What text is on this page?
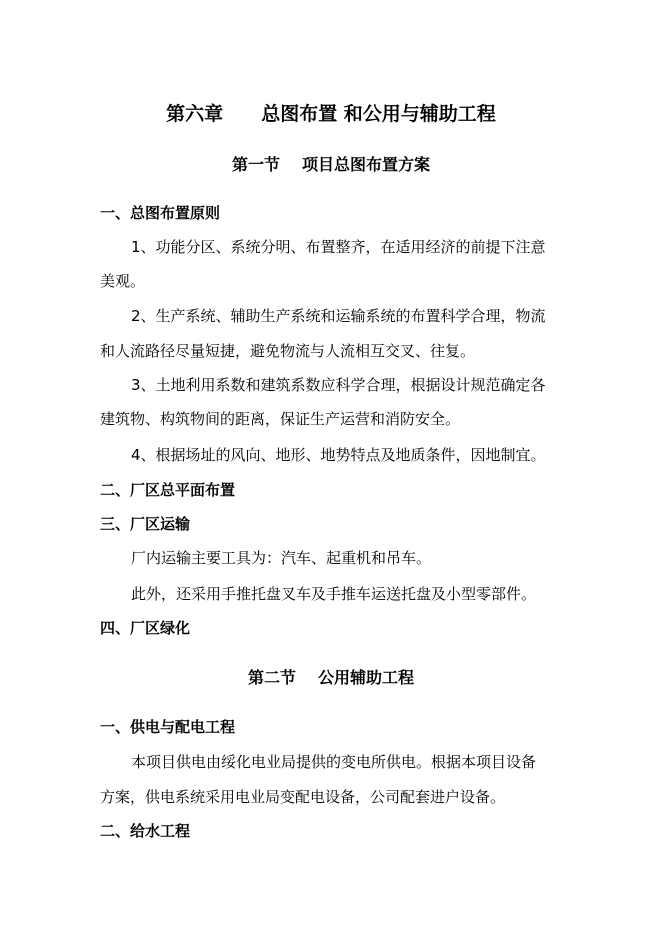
第六章 总图布置 和公用与辅助工程
第一节 项目总图布置方案
一、总图布置原则
1、功能分区、系统分明、布置整齐，在适用经济的前提下注意
美观。
2、生产系统、辅助生产系统和运输系统的布置科学合理，物流
和人流路径尽量短捷，避免物流与人流相互交叉、往复。
3、土地利用系数和建筑系数应科学合理，根据设计规范确定各
建筑物、构筑物间的距离，保证生产运营和消防安全。
4、根据场址的风向、地形、地势特点及地质条件，因地制宜。
二、厂区总平面布置
三、厂区运输
厂内运输主要工具为：汽车、起重机和吊车。
此外，还采用手推托盘叉车及手推车运送托盘及小型零部件。
四、厂区绿化
第二节 公用辅助工程
一、供电与配电工程
本项目供电由绥化电业局提供的变电所供电。根据本项目设备
方案，供电系统采用电业局变配电设备，公司配套进户设备。
二、给水工程
